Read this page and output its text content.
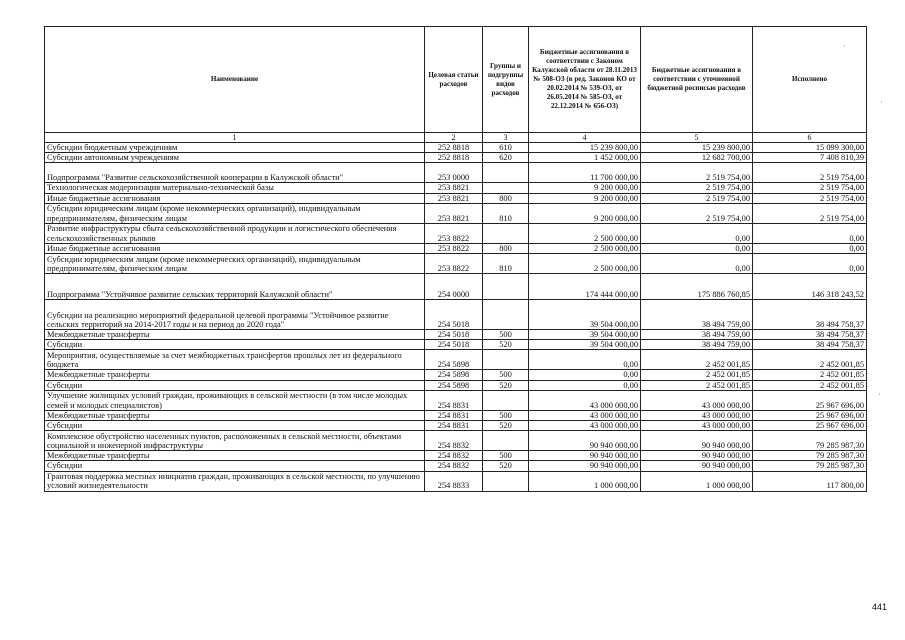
Наименование	Целевая статьи расходов	Группы и подгруппы видов расходов	Бюджетные ассигнования в соответствии с Законом Калужской области от 28.11.2013 № 508-ОЗ (в ред. Законов КО от 20.02.2014 № 539-ОЗ, от 26.05.2014 № 585-ОЗ, от 22.12.2014 № 656-ОЗ)	Бюджетные ассигнования в соответствии с уточненной бюджетной росписью расходов	Исполнено
1	2	3	4	5	6
Субсидии бюджетным учреждениям	252 8818	610	15 239 800,00	15 239 800,00	15 099 300,00
Субсидии автономным учреждениям	252 8818	620	1 452 000,00	12 682 700,00	7 408 810,39
Подпрограмма "Развитие сельскохозяйственной кооперации в Калужской области"	253 0000		11 700 000,00	2 519 754,00	2 519 754,00
Технологическая модернизация материально-технической базы	253 8821		9 200 000,00	2 519 754,00	2 519 754,00
Иные бюджетные ассигнования	253 8821	800	9 200 000,00	2 519 754,00	2 519 754,00
Субсидии юридическим лицам (кроме некоммерческих организаций), индивидуальным предпринимателям, физическим лицам	253 8821	810	9 200 000,00	2 519 754,00	2 519 754,00
Развитие инфраструктуры сбыта сельскохозяйственной продукции и логистического обеспечения сельскохозяйственных рынков	253 8822		2 500 000,00	0,00	0,00
Иные бюджетные ассигнования	253 8822	800	2 500 000,00	0,00	0,00
Субсидии юридическим лицам (кроме некоммерческих организаций), индивидуальным предпринимателям, физическим лицам	253 8822	810	2 500 000,00	0,00	0,00
Подпрограмма "Устойчивое развитие сельских территорий Калужской области"	254 0000		174 444 000,00	175 886 760,85	146 318 243,52
Субсидии на реализацию мероприятий федеральной целевой программы "Устойчивое развитие сельских территорий на 2014-2017 годы и на период до 2020 года"	254 5018		39 504 000,00	38 494 759,00	38 494 758,37
Межбюджетные трансферты	254 5018	500	39 504 000,00	38 494 759,00	38 494 758,37
Субсидии	254 5018	520	39 504 000,00	38 494 759,00	38 494 758,37
Мероприятия, осуществляемые за счет межбюджетных трансфертов прошлых лет из федерального бюджета	254 5898		0,00	2 452 001,85	2 452 001,85
Межбюджетные трансферты	254 5898	500	0,00	2 452 001,85	2 452 001,85
Субсидии	254 5898	520	0,00	2 452 001,85	2 452 001,85
Улучшение жилищных условий граждан, проживающих в сельской местности (в том числе молодых семей и молодых специалистов)	254 8831		43 000 000,00	43 000 000,00	25 967 696,00
Межбюджетные трансферты	254 8831	500	43 000 000,00	43 000 000,00	25 967 696,00
Субсидии	254 8831	520	43 000 000,00	43 000 000,00	25 967 696,00
Комплексное обустройство населенных пунктов, расположенных в сельской местности, объектами социальной и инженерной инфраструктуры	254 8832		90 940 000,00	90 940 000,00	79 285 987,30
Межбюджетные трансферты	254 8832	500	90 940 000,00	90 940 000,00	79 285 987,30
Субсидии	254 8832	520	90 940 000,00	90 940 000,00	79 285 987,30
Грантовая поддержка местных инициатив граждан, проживающих в сельской местности, по улучшению условий жизнедеятельности	254 8833		1 000 000,00	1 000 000,00	117 800,00
441
ˈ
ˈ
ˈ
